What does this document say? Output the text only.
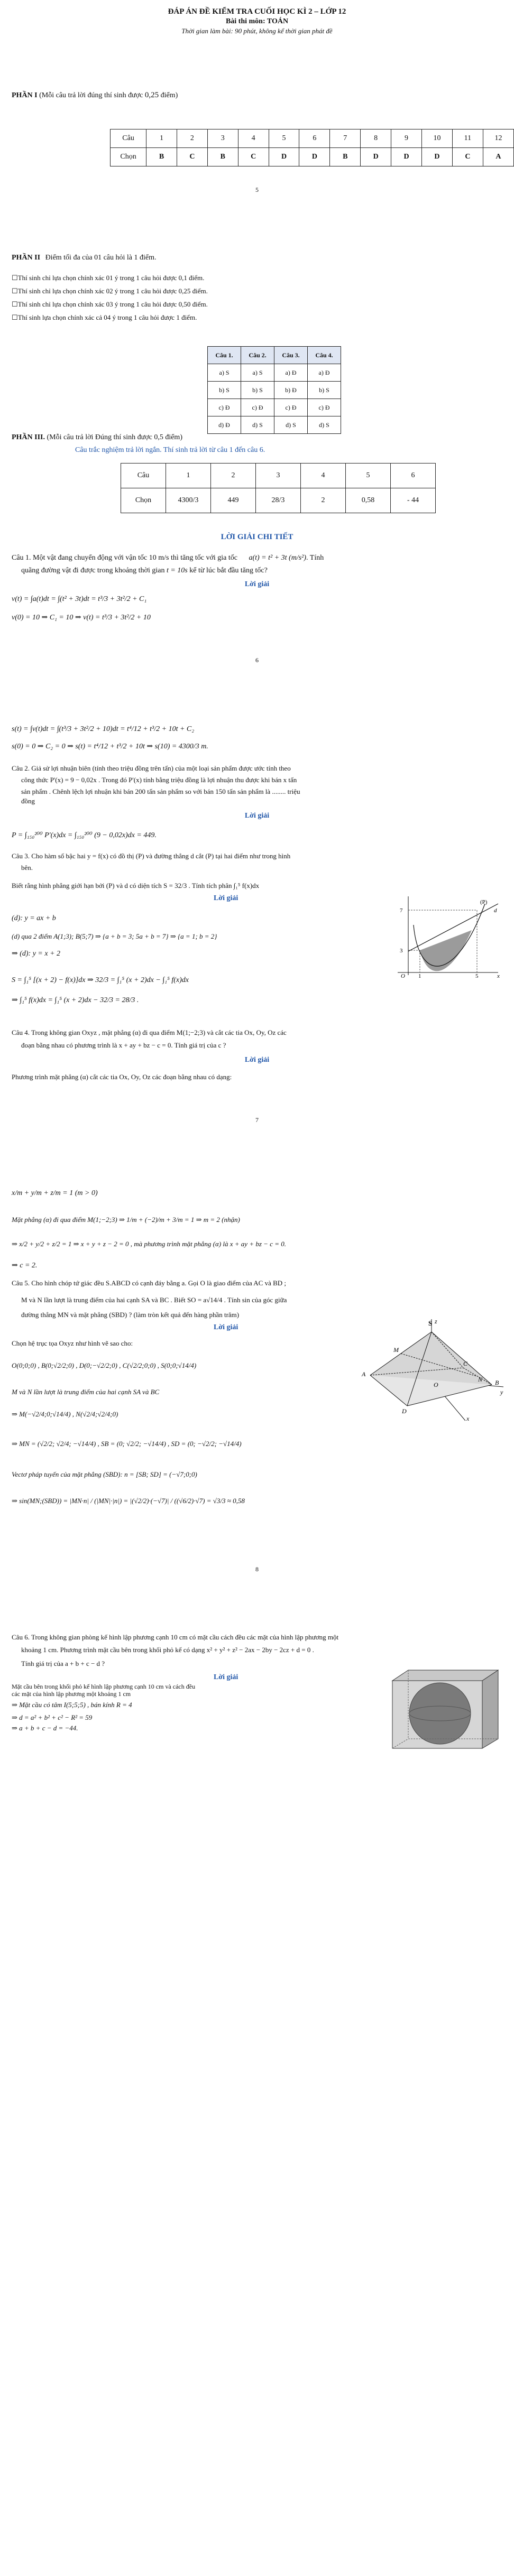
ĐÁP ÁN ĐỀ KIỂM TRA CUỐI HỌC KÌ 2 – LỚP 12
Bài thi môn: TOÁN
Thời gian làm bài: 90 phút, không kể thời gian phát đề
PHẦN I (Mỗi câu trả lời đúng thí sinh được 0,25 điểm)
Câu	1	2	3	4	5	6	7	8	9	10	11	12
Chọn	B	C	B	C	D	D	B	D	D	D	C	A
5
PHẦN II Điểm tối đa của 01 câu hỏi là 1 điểm.
☐Thí sinh chỉ lựa chọn chính xác 01 ý trong 1 câu hỏi được 0,1 điểm.
☐Thí sinh chỉ lựa chọn chính xác 02 ý trong 1 câu hỏi được 0,25 điểm.
☐Thí sinh chỉ lựa chọn chính xác 03 ý trong 1 câu hỏi được 0,50 điểm.
☐Thí sinh lựa chọn chính xác cả 04 ý trong 1 câu hỏi được 1 điểm.
Câu 1.	Câu 2.	Câu 3.	Câu 4.
a) S	a) S	a) Đ	a) Đ
b) S	b) S	b) Đ	b) S
c) Đ	c) Đ	c) Đ	c) Đ
d) Đ	d) S	d) S	d) S
PHẦN III. (Mỗi câu trả lời Đúng thí sinh được 0,5 điểm)
Câu trắc nghiệm trả lời ngắn. Thí sinh trả lời từ câu 1 đến câu 6.
Câu	1	2	3	4	5	6
Chọn	4300/3	449	28/3	2	0,58	- 44
LỜI GIẢI CHI TIẾT
Câu 1. Một vật đang chuyển động với vận tốc 10 m/s thì tăng tốc với gia tốc a(t) = t² + 3t (m/s²). Tính
quãng đường vật đi được trong khoảng thời gian t = 10s kể từ lúc bắt đầu tăng tốc?
Lời giải
v(t) = ∫a(t)dt = ∫(t² + 3t)dt = t³/3 + 3t²/2 + C₁
v(0) = 10 ⇒ C₁ = 10 ⇒ v(t) = t³/3 + 3t²/2 + 10
6
s(t) = ∫v(t)dt = ∫(t³/3 + 3t²/2 + 10)dt = t⁴/12 + t³/2 + 10t + C₂
s(0) = 0 ⇒ C₂ = 0 ⇒ s(t) = t⁴/12 + t³/2 + 10t ⇒ s(10) = 4300/3 m.
Câu 2. Giả sử lợi nhuận biên (tính theo triệu đồng trên tấn) của một loại sản phẩm được ước tính theo
công thức P'(x) = 9 − 0,02x . Trong đó P'(x) tính bằng triệu đồng là lợi nhuận thu được khi bán x tấn
sản phẩm . Chênh lệch lợi nhuận khi bán 200 tấn sản phẩm so với bán 150 tấn sản phẩm là ........ triệu
đồng
Lời giải
P = ∫₁₅₀²⁰⁰ P'(x)dx = ∫₁₅₀²⁰⁰ (9 − 0,02x)dx = 449.
Câu 3. Cho hàm số bậc hai y = f(x) có đồ thị (P) và đường thẳng d cắt (P) tại hai điểm như trong hình
bên.
Biết rằng hình phẳng giới hạn bởi (P) và d có diện tích S = 32/3 . Tính tích phân ∫₁⁵ f(x)dx
Lời giải
(d): y = ax + b
(d) qua 2 điểm A(1;3); B(5;7) ⇒ {a + b = 3; 5a + b = 7} ⇒ {a = 1; b = 2}
⇒ (d): y = x + 2
S = ∫₁⁵ [(x + 2) − f(x)]dx ⇒ 32/3 = ∫₁⁵ (x + 2)dx − ∫₁⁵ f(x)dx
⇒ ∫₁⁵ f(x)dx = ∫₁⁵ (x + 2)dx − 32/3 = 28/3 .
(P)
d
7
3
O 1	5	x
Câu 4. Trong không gian Oxyz , mặt phẳng (α) đi qua điểm M(1;−2;3) và cắt các tia Ox, Oy, Oz các
đoạn bằng nhau có phương trình là x + ay + bz − c = 0. Tính giá trị của c ?
Lời giải
Phương trình mặt phẳng (α) cắt các tia Ox, Oy, Oz các đoạn bằng nhau có dạng:
7
x/m + y/m + z/m = 1 (m > 0)
Mặt phẳng (α) đi qua điểm M(1;−2;3) ⇒ 1/m + (−2)/m + 3/m = 1 ⇒ m = 2 (nhận)
⇒ x/2 + y/2 + z/2 = 1 ⇒ x + y + z − 2 = 0 , mà phương trình mặt phẳng (α) là x + ay + bz − c = 0.
⇒ c = 2.
Câu 5. Cho hình chóp tứ giác đều S.ABCD có cạnh đáy bằng a. Gọi O là giao điểm của AC và BD ;
M và N lần lượt là trung điểm của hai cạnh SA và BC . Biết SO = a√14/4 . Tính sin của góc giữa
đường thẳng MN và mặt phẳng (SBD) ? (làm tròn kết quả đến hàng phần trăm)
Lời giải
Chọn hệ trục tọa Oxyz như hình vẽ sao cho:
O(0;0;0) , B(0;√2/2;0) , D(0;−√2/2;0) , C(√2/2;0;0) , S(0;0;√14/4)
M và N lần lượt là trung điểm của hai cạnh SA và BC
⇒ M(−√2/4;0;√14/4) , N(√2/4;√2/4;0)
⇒ MN = (√2/2; √2/4; −√14/4) , SB = (0; √2/2; −√14/4) , SD = (0; −√2/2; −√14/4)
Vectơ pháp tuyến của mặt phẳng (SBD): n = [SB; SD] = (−√7;0;0)
⇒ sin(MN;(SBD)) = |MN·n| / (|MN|·|n|) = |(√2/2)·(−√7)| / ((√6/2)·√7) = √3/3 ≈ 0,58
S
M
A
B
C
D
O
N
x
y
z
8
Câu 6. Trong không gian phòng kế hình lập phương cạnh 10 cm có mặt cầu cách đều các mặt của hình lập phương một
khoảng 1 cm. Phương trình mặt cầu bên trong khối phỏ kế có dạng x² + y² + z² − 2ax − 2by − 2cz + d = 0 .
Tính giá trị của a + b + c − d ?
Lời giải
Mặt cầu bên trong khối phỏ kế hình lập phương cạnh 10 cm và cách đều
các mặt của hình lập phương một khoảng 1 cm
⇒ Mặt cầu có tâm I(5;5;5) , bán kính R = 4
⇒ d = a² + b² + c² − R² = 59
⇒ a + b + c − d = −44.
